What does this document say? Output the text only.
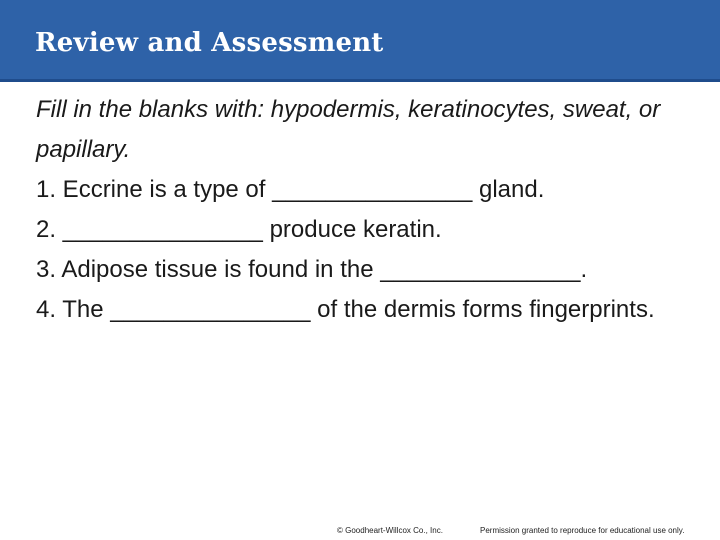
Review and Assessment

Fill in the blanks with: hypodermis, keratinocytes, sweat, or papillary.

1. Eccrine is a type of _______________ gland.

2. _______________ produce keratin.

3. Adipose tissue is found in the _______________.

4. The _______________ of the dermis forms fingerprints.

© Goodheart-Willcox Co., Inc.	Permission granted to reproduce for educational use only.
